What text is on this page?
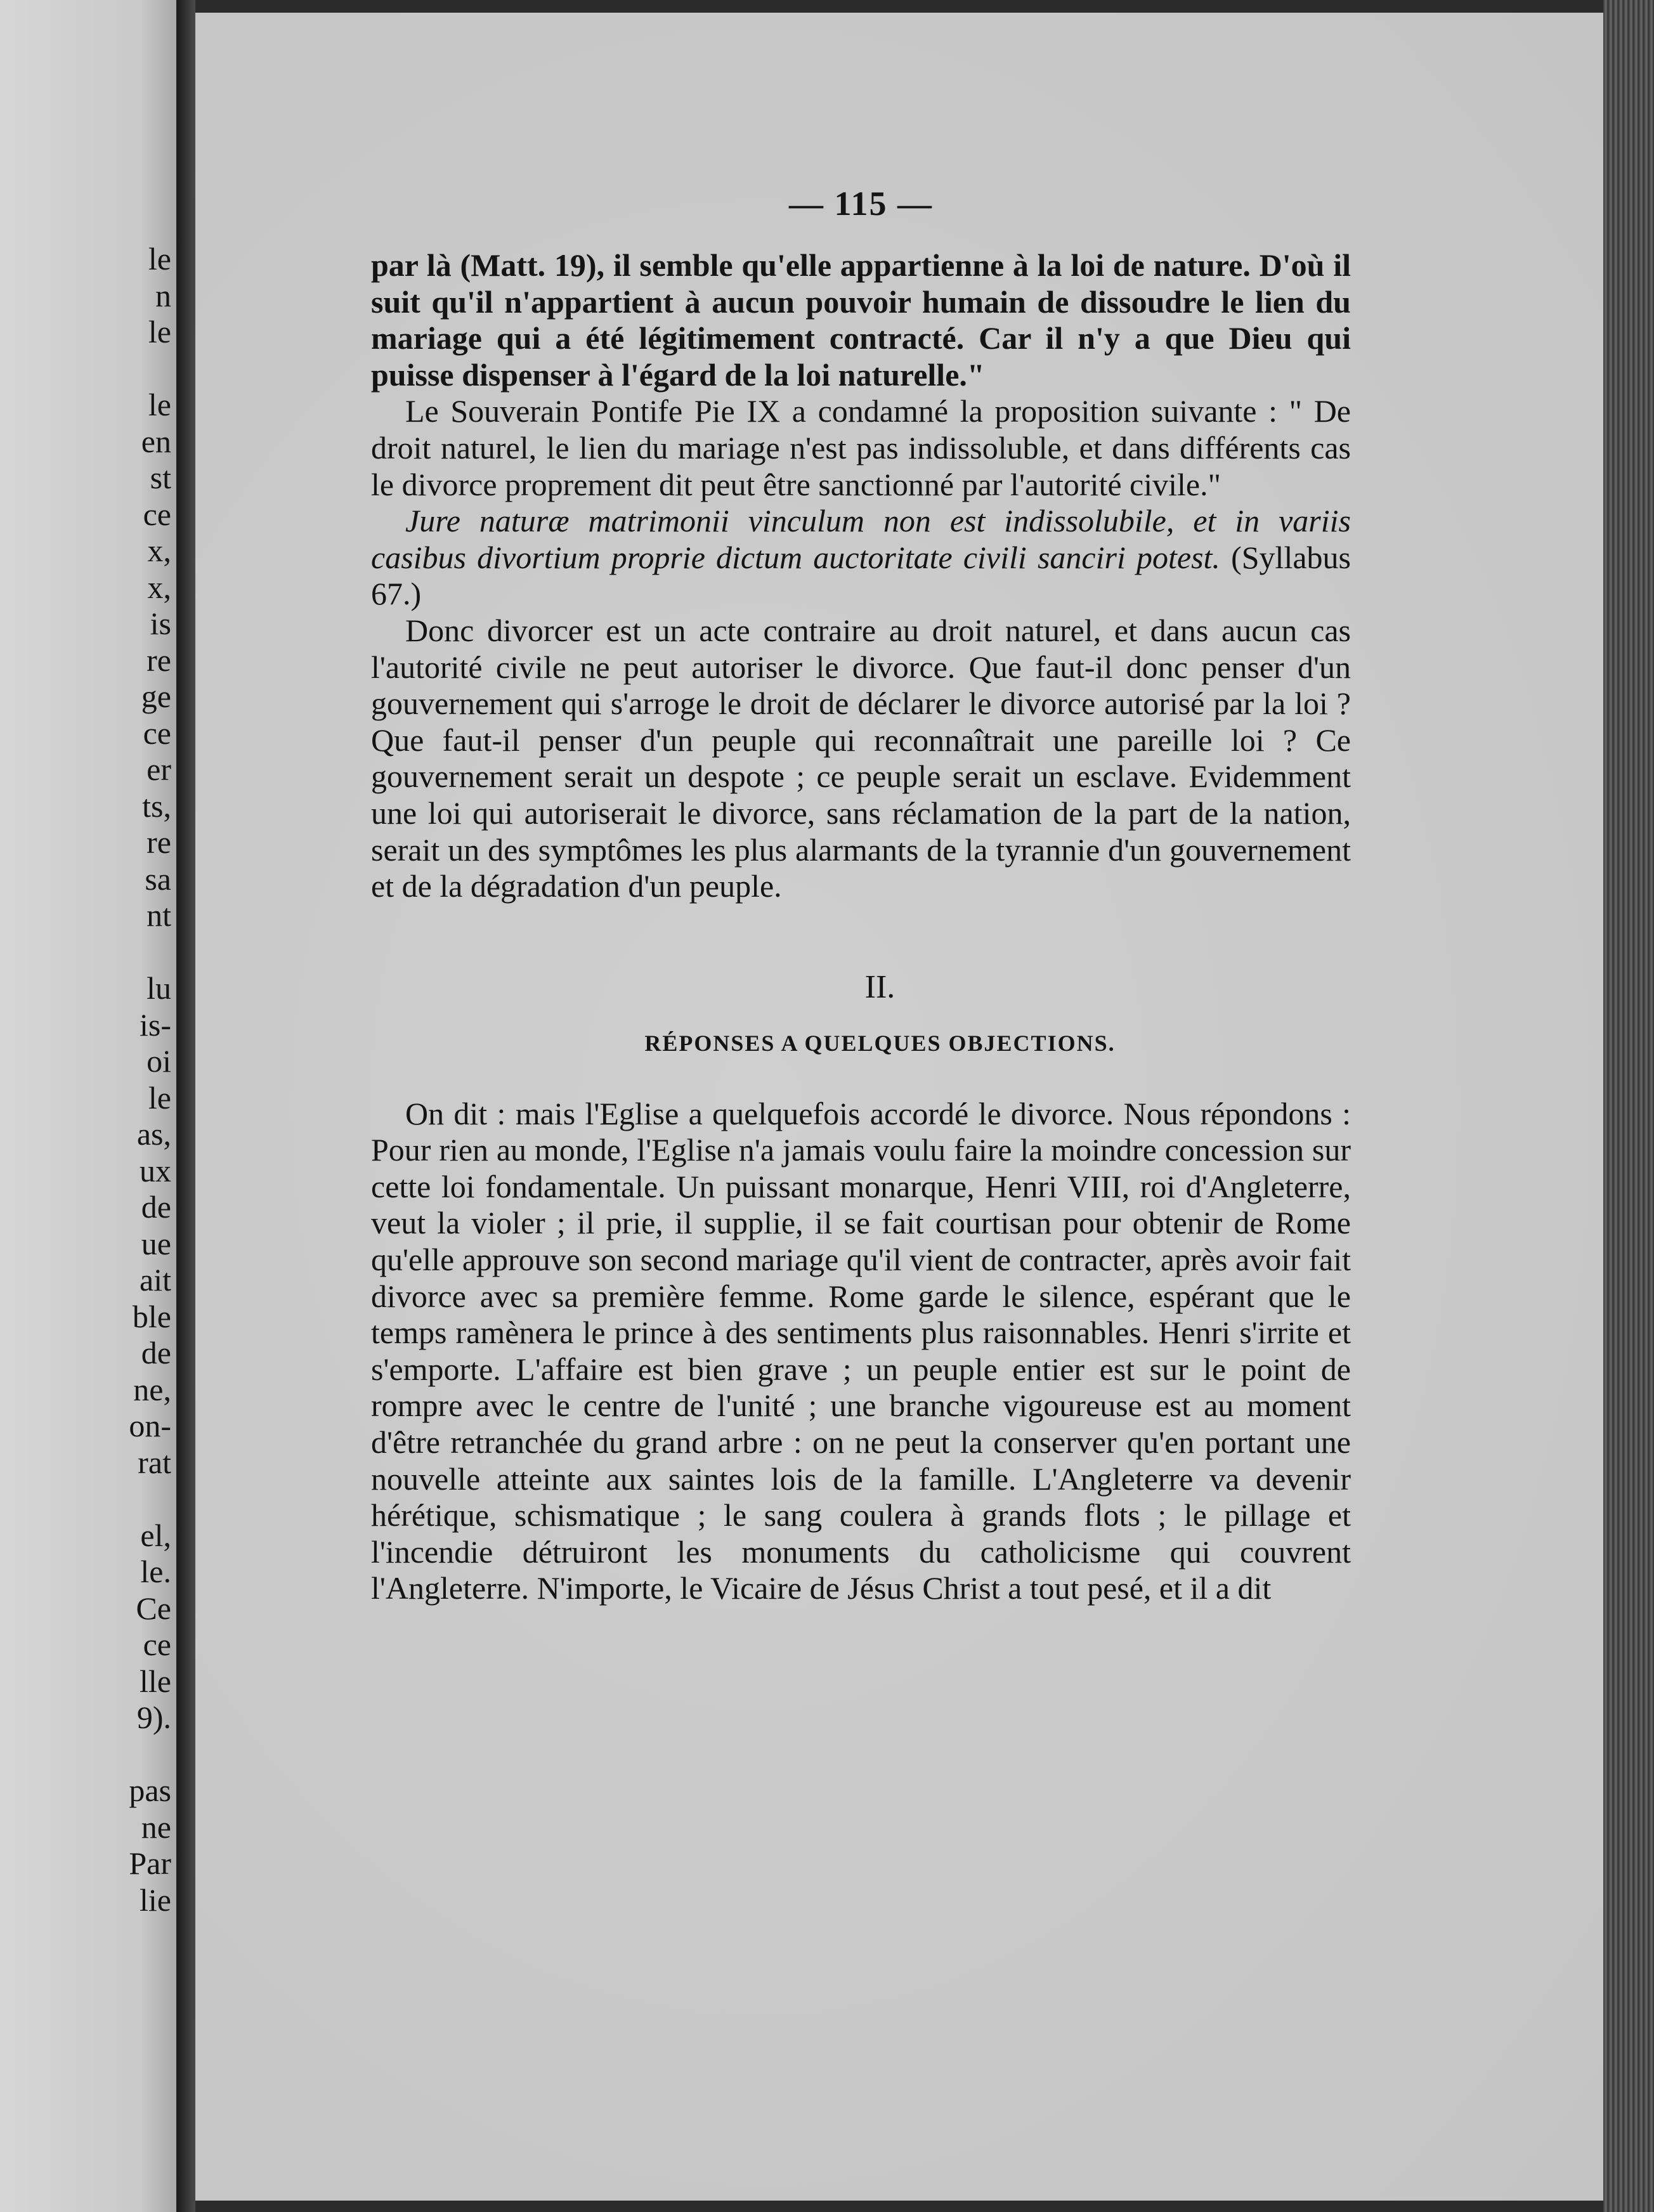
le
n
le

le
en
st
ce
x,
x,
is
re
ge
ce
er
ts,
re
sa
nt

lu
is-
oi
le
as,
ux
de
ue
ait
ble
de
ne,
on-
rat

el,
le.
Ce
ce
lle
9).

pas
ne
Par
lie
— 115 —

par là (Matt. 19), il semble qu'elle appartienne à la loi de nature. D'où il suit qu'il n'appartient à aucun pouvoir humain de dissoudre le lien du mariage qui a été légitimement contracté. Car il n'y a que Dieu qui puisse dispenser à l'égard de la loi naturelle."

Le Souverain Pontife Pie IX a condamné la proposition suivante : " De droit naturel, le lien du mariage n'est pas indissoluble, et dans différents cas le divorce proprement dit peut être sanctionné par l'autorité civile."

Jure naturæ matrimonii vinculum non est indissolubile, et in variis casibus divortium proprie dictum auctoritate civili sanciri potest. (Syllabus 67.)

Donc divorcer est un acte contraire au droit naturel, et dans aucun cas l'autorité civile ne peut autoriser le divorce. Que faut-il donc penser d'un gouvernement qui s'arroge le droit de déclarer le divorce autorisé par la loi ? Que faut-il penser d'un peuple qui reconnaîtrait une pareille loi ? Ce gouvernement serait un despote ; ce peuple serait un esclave. Evidemment une loi qui autoriserait le divorce, sans réclamation de la part de la nation, serait un des symptômes les plus alarmants de la tyrannie d'un gouvernement et de la dégradation d'un peuple.

II.
RÉPONSES A QUELQUES OBJECTIONS.

On dit : mais l'Eglise a quelquefois accordé le divorce. Nous répondons : Pour rien au monde, l'Eglise n'a jamais voulu faire la moindre concession sur cette loi fondamentale. Un puissant monarque, Henri VIII, roi d'Angleterre, veut la violer ; il prie, il supplie, il se fait courtisan pour obtenir de Rome qu'elle approuve son second mariage qu'il vient de contracter, après avoir fait divorce avec sa première femme. Rome garde le silence, espérant que le temps ramènera le prince à des sentiments plus raisonnables. Henri s'irrite et s'emporte. L'affaire est bien grave ; un peuple entier est sur le point de rompre avec le centre de l'unité ; une branche vigoureuse est au moment d'être retranchée du grand arbre : on ne peut la conserver qu'en portant une nouvelle atteinte aux saintes lois de la famille. L'Angleterre va devenir hérétique, schismatique ; le sang coulera à grands flots ; le pillage et l'incendie détruiront les monuments du catholicisme qui couvrent l'Angleterre. N'importe, le Vicaire de Jésus Christ a tout pesé, et il a dit
